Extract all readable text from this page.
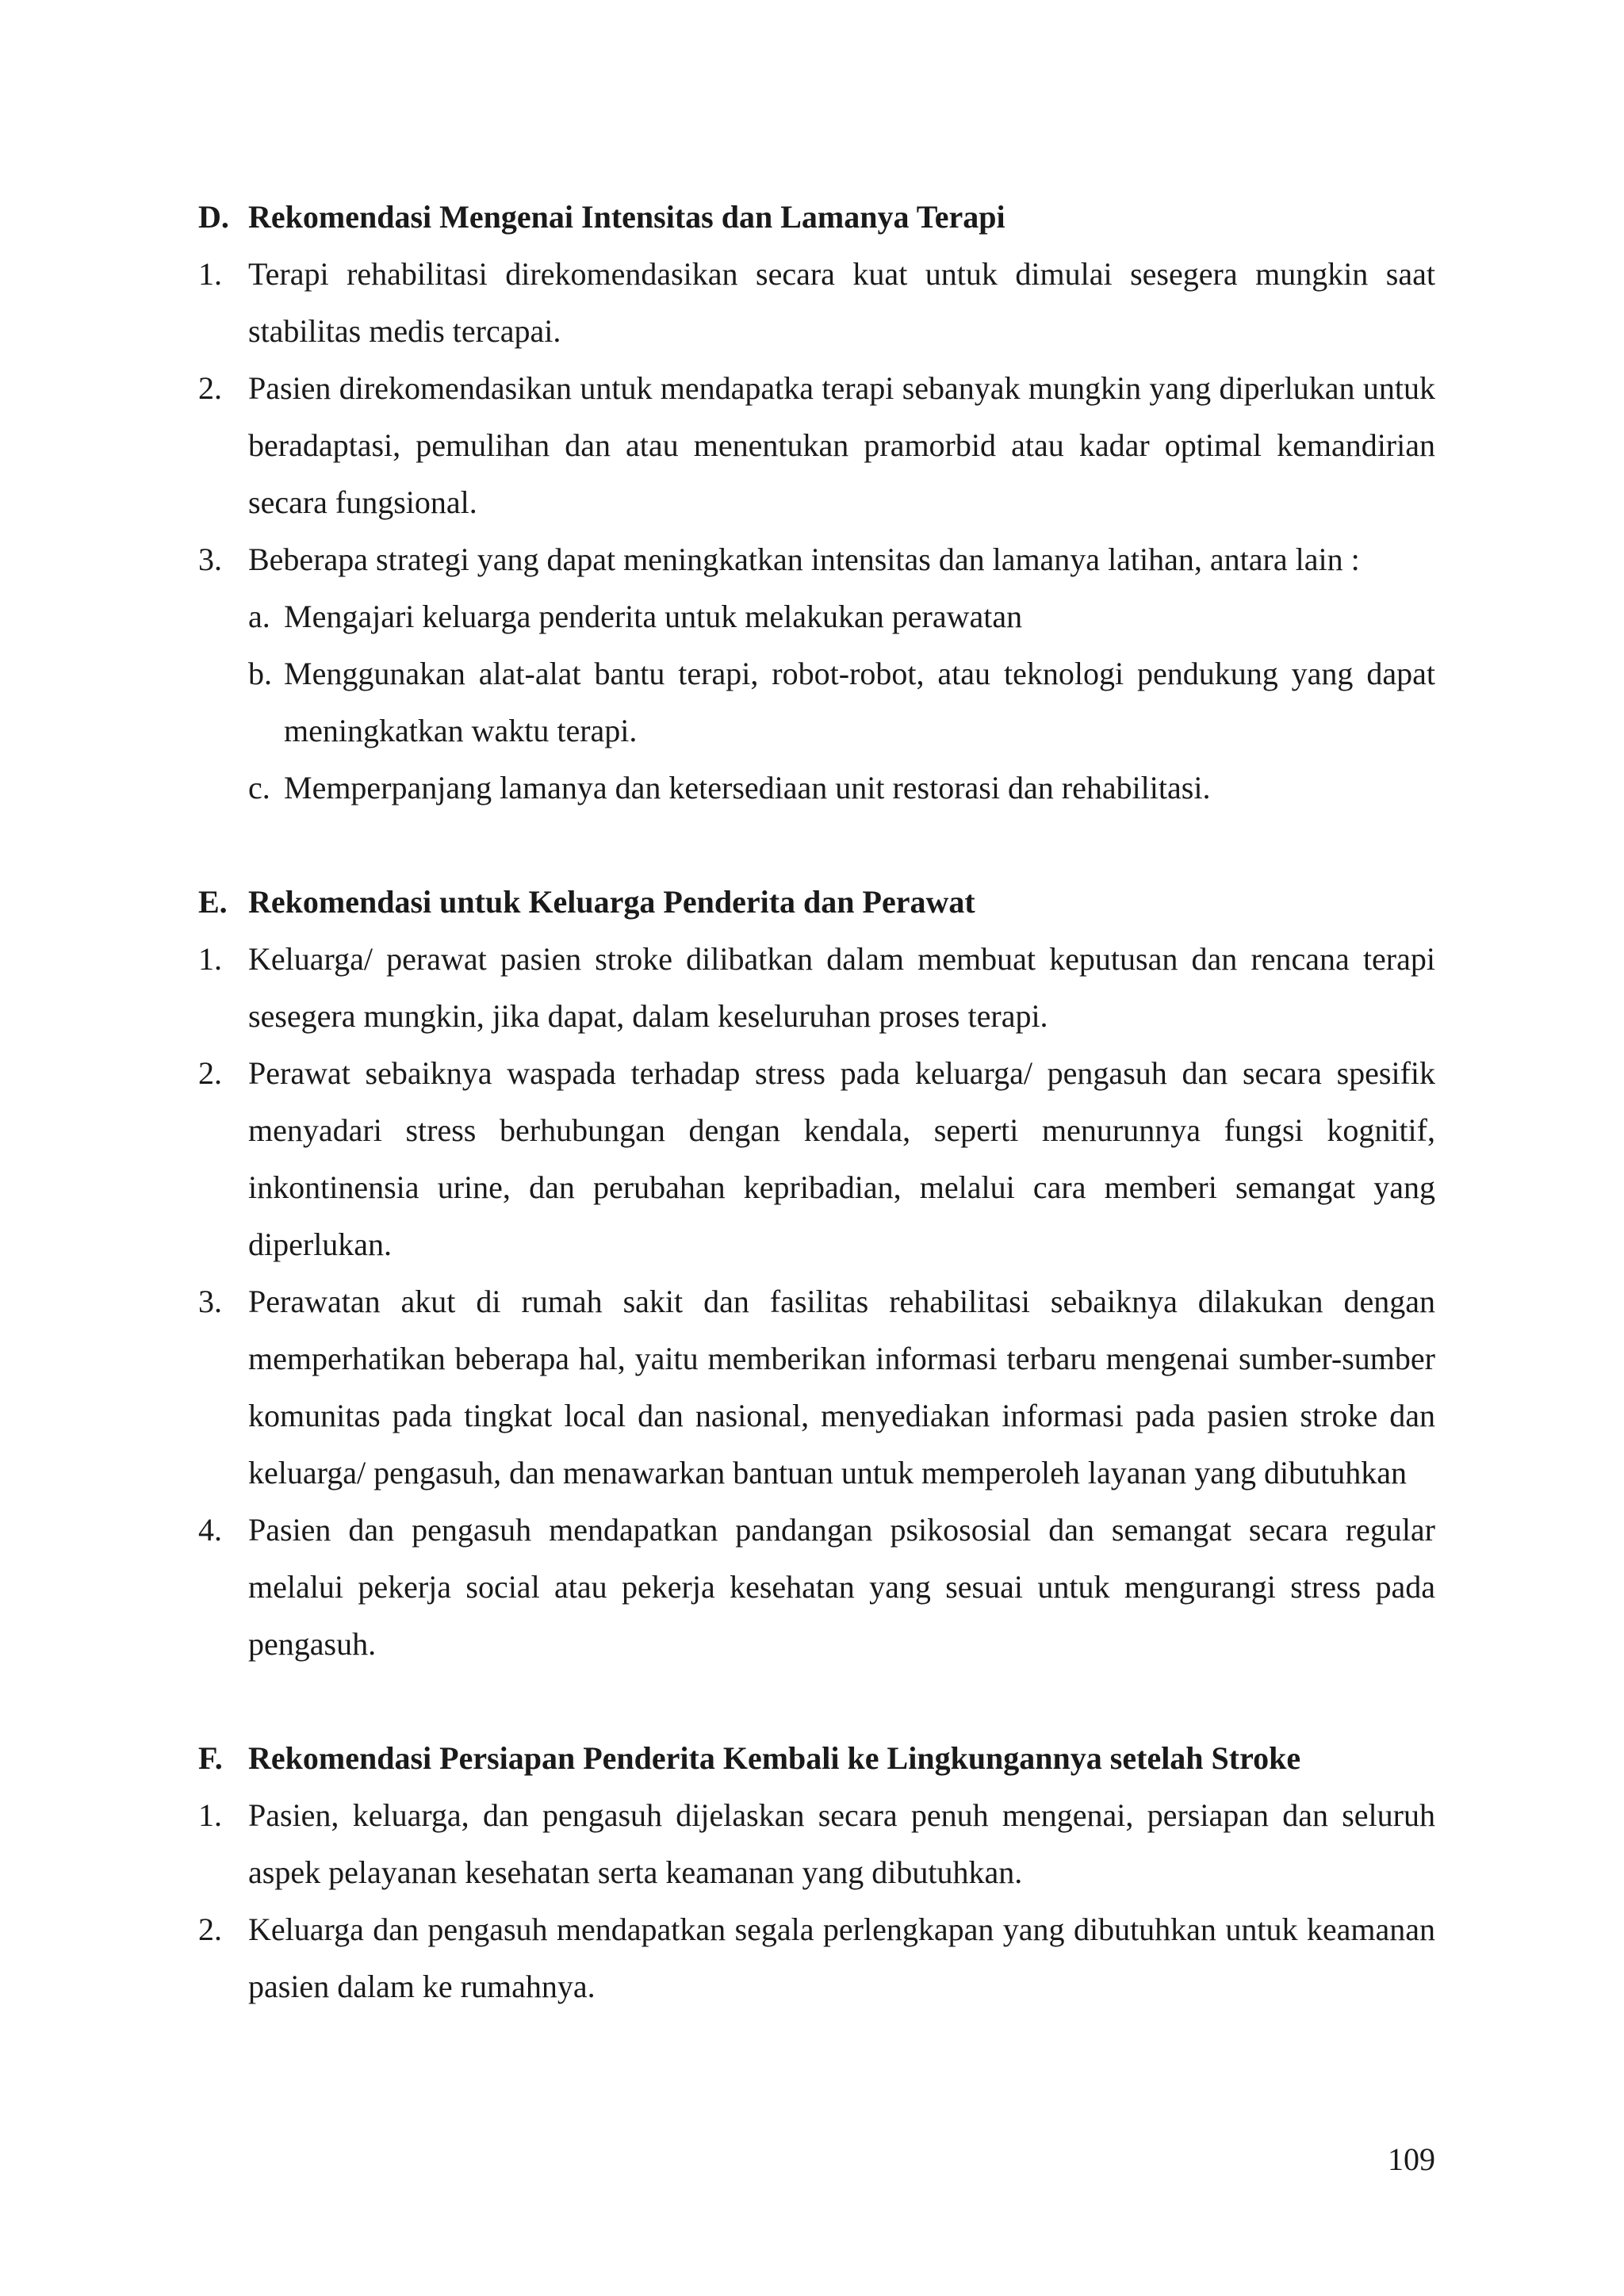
D. Rekomendasi Mengenai Intensitas dan Lamanya Terapi
1. Terapi rehabilitasi direkomendasikan secara kuat untuk dimulai sesegera mungkin saat stabilitas medis tercapai.
2. Pasien direkomendasikan untuk mendapatka terapi sebanyak mungkin yang diperlukan untuk beradaptasi, pemulihan dan atau menentukan pramorbid atau kadar optimal kemandirian secara fungsional.
3. Beberapa strategi yang dapat meningkatkan intensitas dan lamanya latihan, antara lain :
a. Mengajari keluarga penderita untuk melakukan perawatan
b. Menggunakan alat-alat bantu terapi, robot-robot, atau teknologi pendukung yang dapat meningkatkan waktu terapi.
c. Memperpanjang lamanya dan ketersediaan unit restorasi dan rehabilitasi.
E. Rekomendasi untuk Keluarga Penderita dan Perawat
1. Keluarga/ perawat pasien stroke dilibatkan dalam membuat keputusan dan rencana terapi sesegera mungkin, jika dapat, dalam keseluruhan proses terapi.
2. Perawat sebaiknya waspada terhadap stress pada keluarga/ pengasuh dan secara spesifik menyadari stress berhubungan dengan kendala, seperti menurunnya fungsi kognitif, inkontinensia urine, dan perubahan kepribadian, melalui cara memberi semangat yang diperlukan.
3. Perawatan akut di rumah sakit dan fasilitas rehabilitasi sebaiknya dilakukan dengan memperhatikan beberapa hal, yaitu memberikan informasi terbaru mengenai sumber-sumber komunitas pada tingkat local dan nasional, menyediakan informasi pada pasien stroke dan keluarga/ pengasuh, dan menawarkan bantuan untuk memperoleh layanan yang dibutuhkan
4. Pasien dan pengasuh mendapatkan pandangan psikososial dan semangat secara regular melalui pekerja social atau pekerja kesehatan yang sesuai untuk mengurangi stress pada pengasuh.
F. Rekomendasi Persiapan Penderita Kembali ke Lingkungannya setelah Stroke
1. Pasien, keluarga, dan pengasuh dijelaskan secara penuh mengenai, persiapan dan seluruh aspek pelayanan kesehatan serta keamanan yang dibutuhkan.
2. Keluarga dan pengasuh mendapatkan segala perlengkapan yang dibutuhkan untuk keamanan pasien dalam ke rumahnya.
109
